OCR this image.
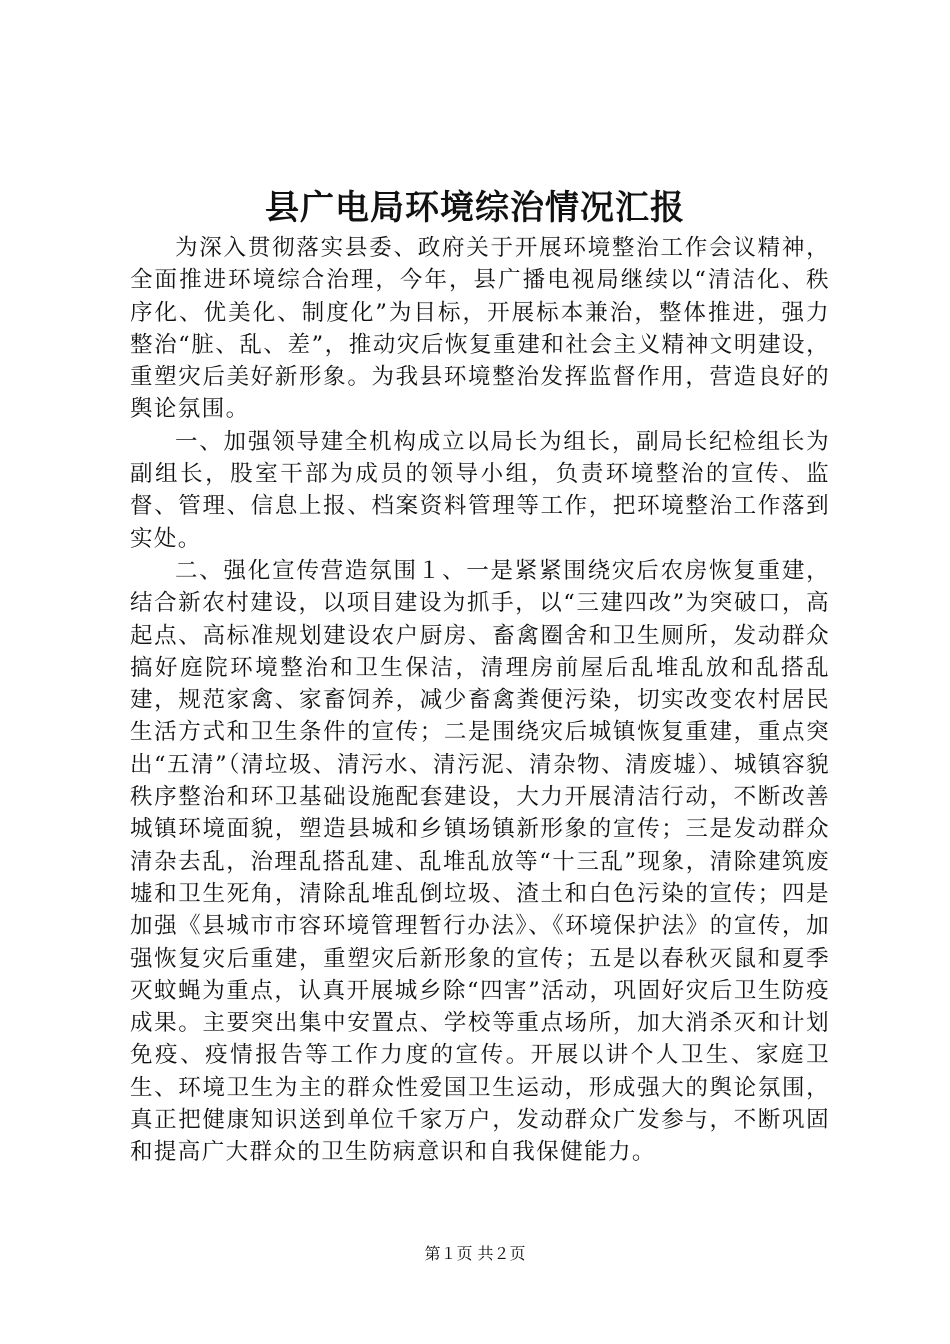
县广电局环境综治情况汇报

为深入贯彻落实县委、政府关于开展环境整治工作会议精神，全面推进环境综合治理，今年，县广播电视局继续以“清洁化、秩序化、优美化、制度化”为目标，开展标本兼治，整体推进，强力整治“脏、乱、差”，推动灾后恢复重建和社会主义精神文明建设，重塑灾后美好新形象。为我县环境整治发挥监督作用，营造良好的舆论氛围。

一、加强领导建全机构成立以局长为组长，副局长纪检组长为副组长，股室干部为成员的领导小组，负责环境整治的宣传、监督、管理、信息上报、档案资料管理等工作，把环境整治工作落到实处。

二、强化宣传营造氛围１、一是紧紧围绕灾后农房恢复重建，结合新农村建设，以项目建设为抓手，以“三建四改”为突破口，高起点、高标准规划建设农户厨房、畜禽圈舍和卫生厕所，发动群众搞好庭院环境整治和卫生保洁，清理房前屋后乱堆乱放和乱搭乱建，规范家禽、家畜饲养，减少畜禽粪便污染，切实改变农村居民生活方式和卫生条件的宣传；二是围绕灾后城镇恢复重建，重点突出“五清”（清垃圾、清污水、清污泥、清杂物、清废墟）、城镇容貌秩序整治和环卫基础设施配套建设，大力开展清洁行动，不断改善城镇环境面貌，塑造县城和乡镇场镇新形象的宣传；三是发动群众清杂去乱，治理乱搭乱建、乱堆乱放等“十三乱”现象，清除建筑废墟和卫生死角，清除乱堆乱倒垃圾、渣土和白色污染的宣传；四是加强《县城市市容环境管理暂行办法》、《环境保护法》的宣传，加强恢复灾后重建，重塑灾后新形象的宣传；五是以春秋灭鼠和夏季灭蚊蝇为重点，认真开展城乡除“四害”活动，巩固好灾后卫生防疫成果。主要突出集中安置点、学校等重点场所，加大消杀灭和计划免疫、疫情报告等工作力度的宣传。开展以讲个人卫生、家庭卫生、环境卫生为主的群众性爱国卫生运动，形成强大的舆论氛围，真正把健康知识送到单位千家万户，发动群众广发参与，不断巩固和提高广大群众的卫生防病意识和自我保健能力。

第１页 共２页
